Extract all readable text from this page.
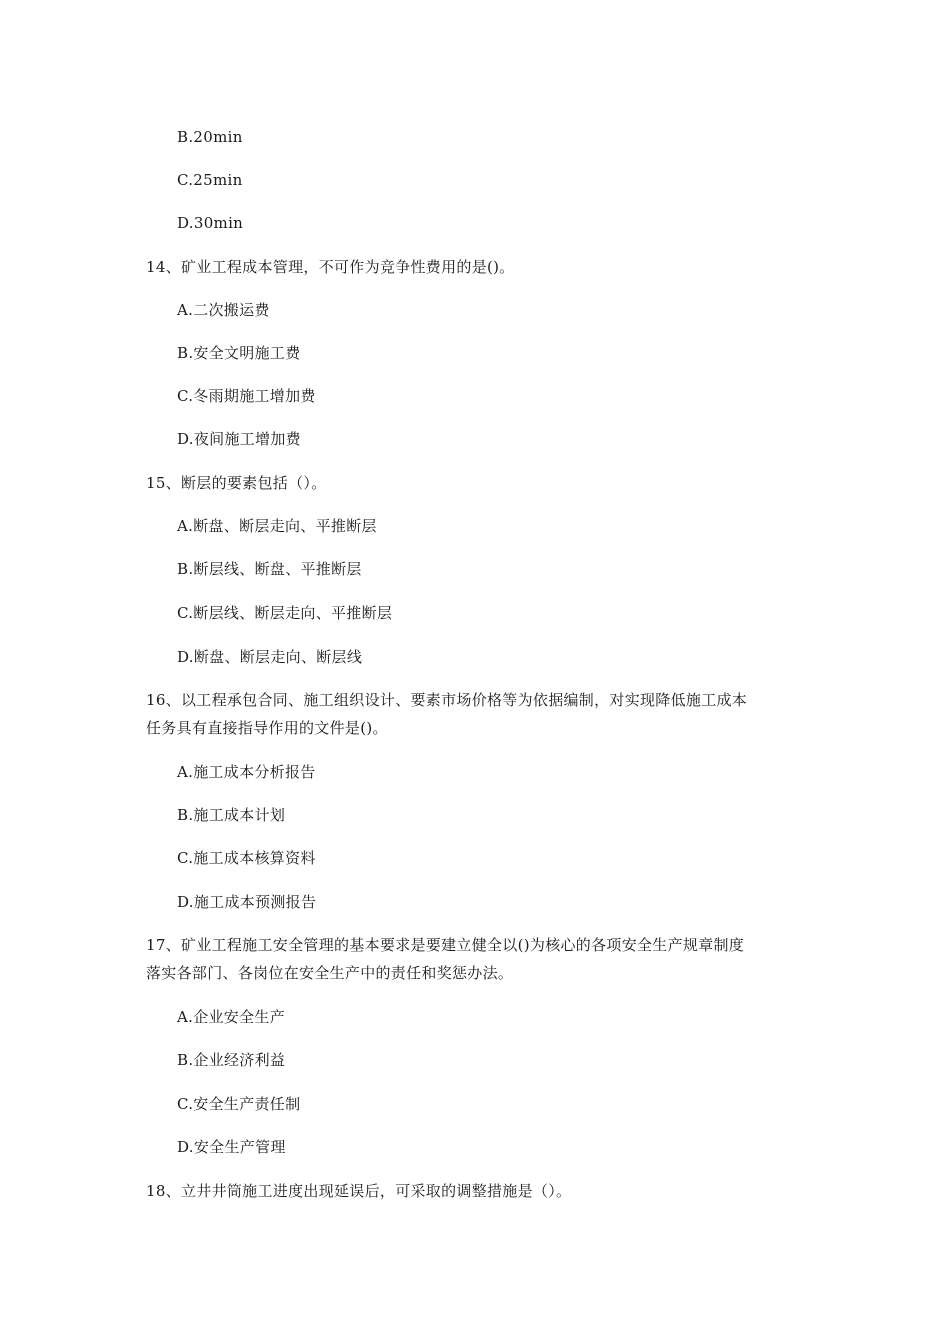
B.20min
C.25min
D.30min
14、矿业工程成本管理，不可作为竞争性费用的是()。
A.二次搬运费
B.安全文明施工费
C.冬雨期施工增加费
D.夜间施工增加费
15、断层的要素包括（）。
A.断盘、断层走向、平推断层
B.断层线、断盘、平推断层
C.断层线、断层走向、平推断层
D.断盘、断层走向、断层线
16、以工程承包合同、施工组织设计、要素市场价格等为依据编制，对实现降低施工成本
任务具有直接指导作用的文件是()。
A.施工成本分析报告
B.施工成本计划
C.施工成本核算资料
D.施工成本预测报告
17、矿业工程施工安全管理的基本要求是要建立健全以()为核心的各项安全生产规章制度
落实各部门、各岗位在安全生产中的责任和奖惩办法。
A.企业安全生产
B.企业经济利益
C.安全生产责任制
D.安全生产管理
18、立井井筒施工进度出现延误后，可采取的调整措施是（）。
